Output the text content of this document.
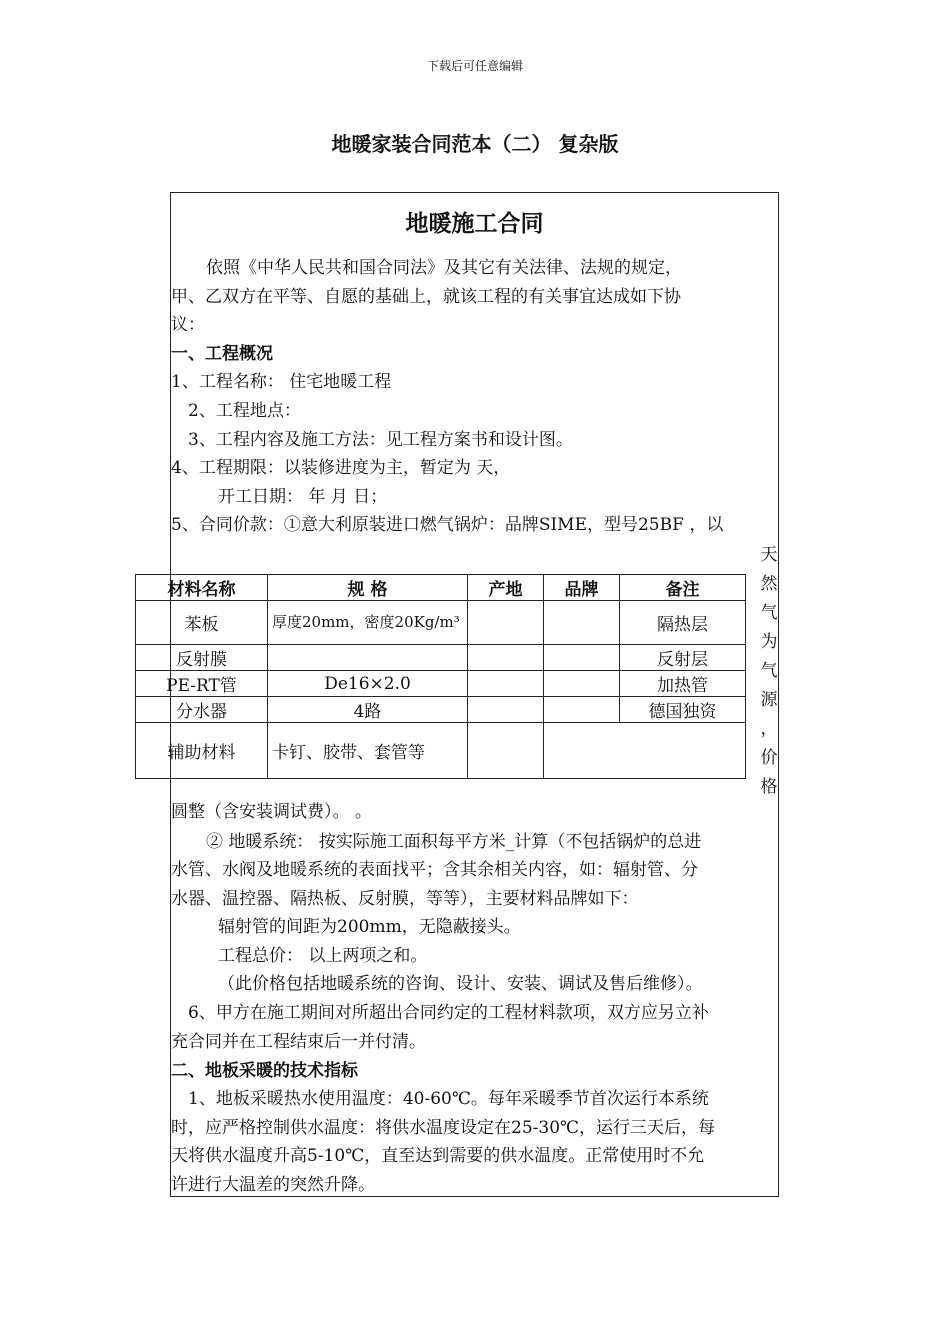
下载后可任意编辑
地暖家装合同范本（二） 复杂版
地暖施工合同
依照《中华人民共和国合同法》及其它有关法律、法规的规定，
甲、乙双方在平等、自愿的基础上，就该工程的有关事宜达成如下协
议：
一、工程概况
1、工程名称： 住宅地暖工程
2、工程地点：
3、工程内容及施工方法：见工程方案书和设计图。
4、工程期限：以装修进度为主，暂定为 天，
开工日期： 年 月 日；
5、合同价款：①意大利原装进口燃气锅炉：品牌SIME，型号25BF ，以
天
然
气
为
气
源
，
价
格
材料名称	规 格	产地	品牌	备注
苯板	厚度20mm，密度20Kg/m³			隔热层
反射膜				反射层
PE-RT管	De16×2.0			加热管
分水器	4路			德国独资
辅助材料	卡钉、胶带、套管等			
圆整（含安装调试费）。 。
② 地暖系统： 按实际施工面积每平方米_计算（不包括锅炉的总进
水管、水阀及地暖系统的表面找平；含其余相关内容，如：辐射管、分
水器、温控器、隔热板、反射膜，等等），主要材料品牌如下：
辐射管的间距为200mm，无隐蔽接头。
工程总价： 以上两项之和。
（此价格包括地暖系统的咨询、设计、安装、调试及售后维修）。
6、甲方在施工期间对所超出合同约定的工程材料款项，双方应另立补
充合同并在工程结束后一并付清。
二、地板采暖的技术指标
1、地板采暖热水使用温度：40-60℃。每年采暖季节首次运行本系统
时，应严格控制供水温度：将供水温度设定在25-30℃，运行三天后，每
天将供水温度升高5-10℃，直至达到需要的供水温度。正常使用时不允
许进行大温差的突然升降。
